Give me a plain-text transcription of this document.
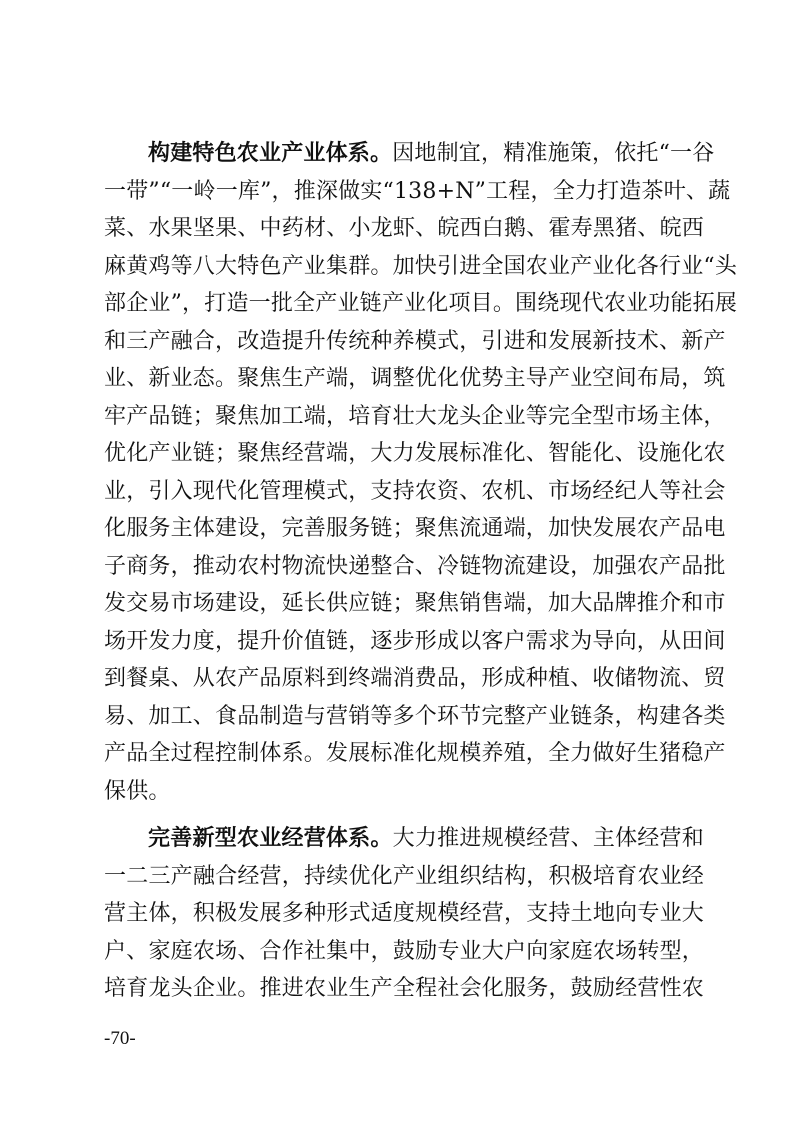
构建特色农业产业体系。因地制宜，精准施策，依托“一谷
一带”“一岭一库”，推深做实“138+N”工程，全力打造茶叶、蔬
菜、水果坚果、中药材、小龙虾、皖西白鹅、霍寿黑猪、皖西
麻黄鸡等八大特色产业集群。加快引进全国农业产业化各行业“头
部企业”，打造一批全产业链产业化项目。围绕现代农业功能拓展
和三产融合，改造提升传统种养模式，引进和发展新技术、新产
业、新业态。聚焦生产端，调整优化优势主导产业空间布局，筑
牢产品链；聚焦加工端，培育壮大龙头企业等完全型市场主体，
优化产业链；聚焦经营端，大力发展标准化、智能化、设施化农
业，引入现代化管理模式，支持农资、农机、市场经纪人等社会
化服务主体建设，完善服务链；聚焦流通端，加快发展农产品电
子商务，推动农村物流快递整合、冷链物流建设，加强农产品批
发交易市场建设，延长供应链；聚焦销售端，加大品牌推介和市
场开发力度，提升价值链，逐步形成以客户需求为导向，从田间
到餐桌、从农产品原料到终端消费品，形成种植、收储物流、贸
易、加工、食品制造与营销等多个环节完整产业链条，构建各类
产品全过程控制体系。发展标准化规模养殖，全力做好生猪稳产
保供。
完善新型农业经营体系。大力推进规模经营、主体经营和
一二三产融合经营，持续优化产业组织结构，积极培育农业经
营主体，积极发展多种形式适度规模经营，支持土地向专业大
户、家庭农场、合作社集中，鼓励专业大户向家庭农场转型，
培育龙头企业。推进农业生产全程社会化服务，鼓励经营性农
-70-
